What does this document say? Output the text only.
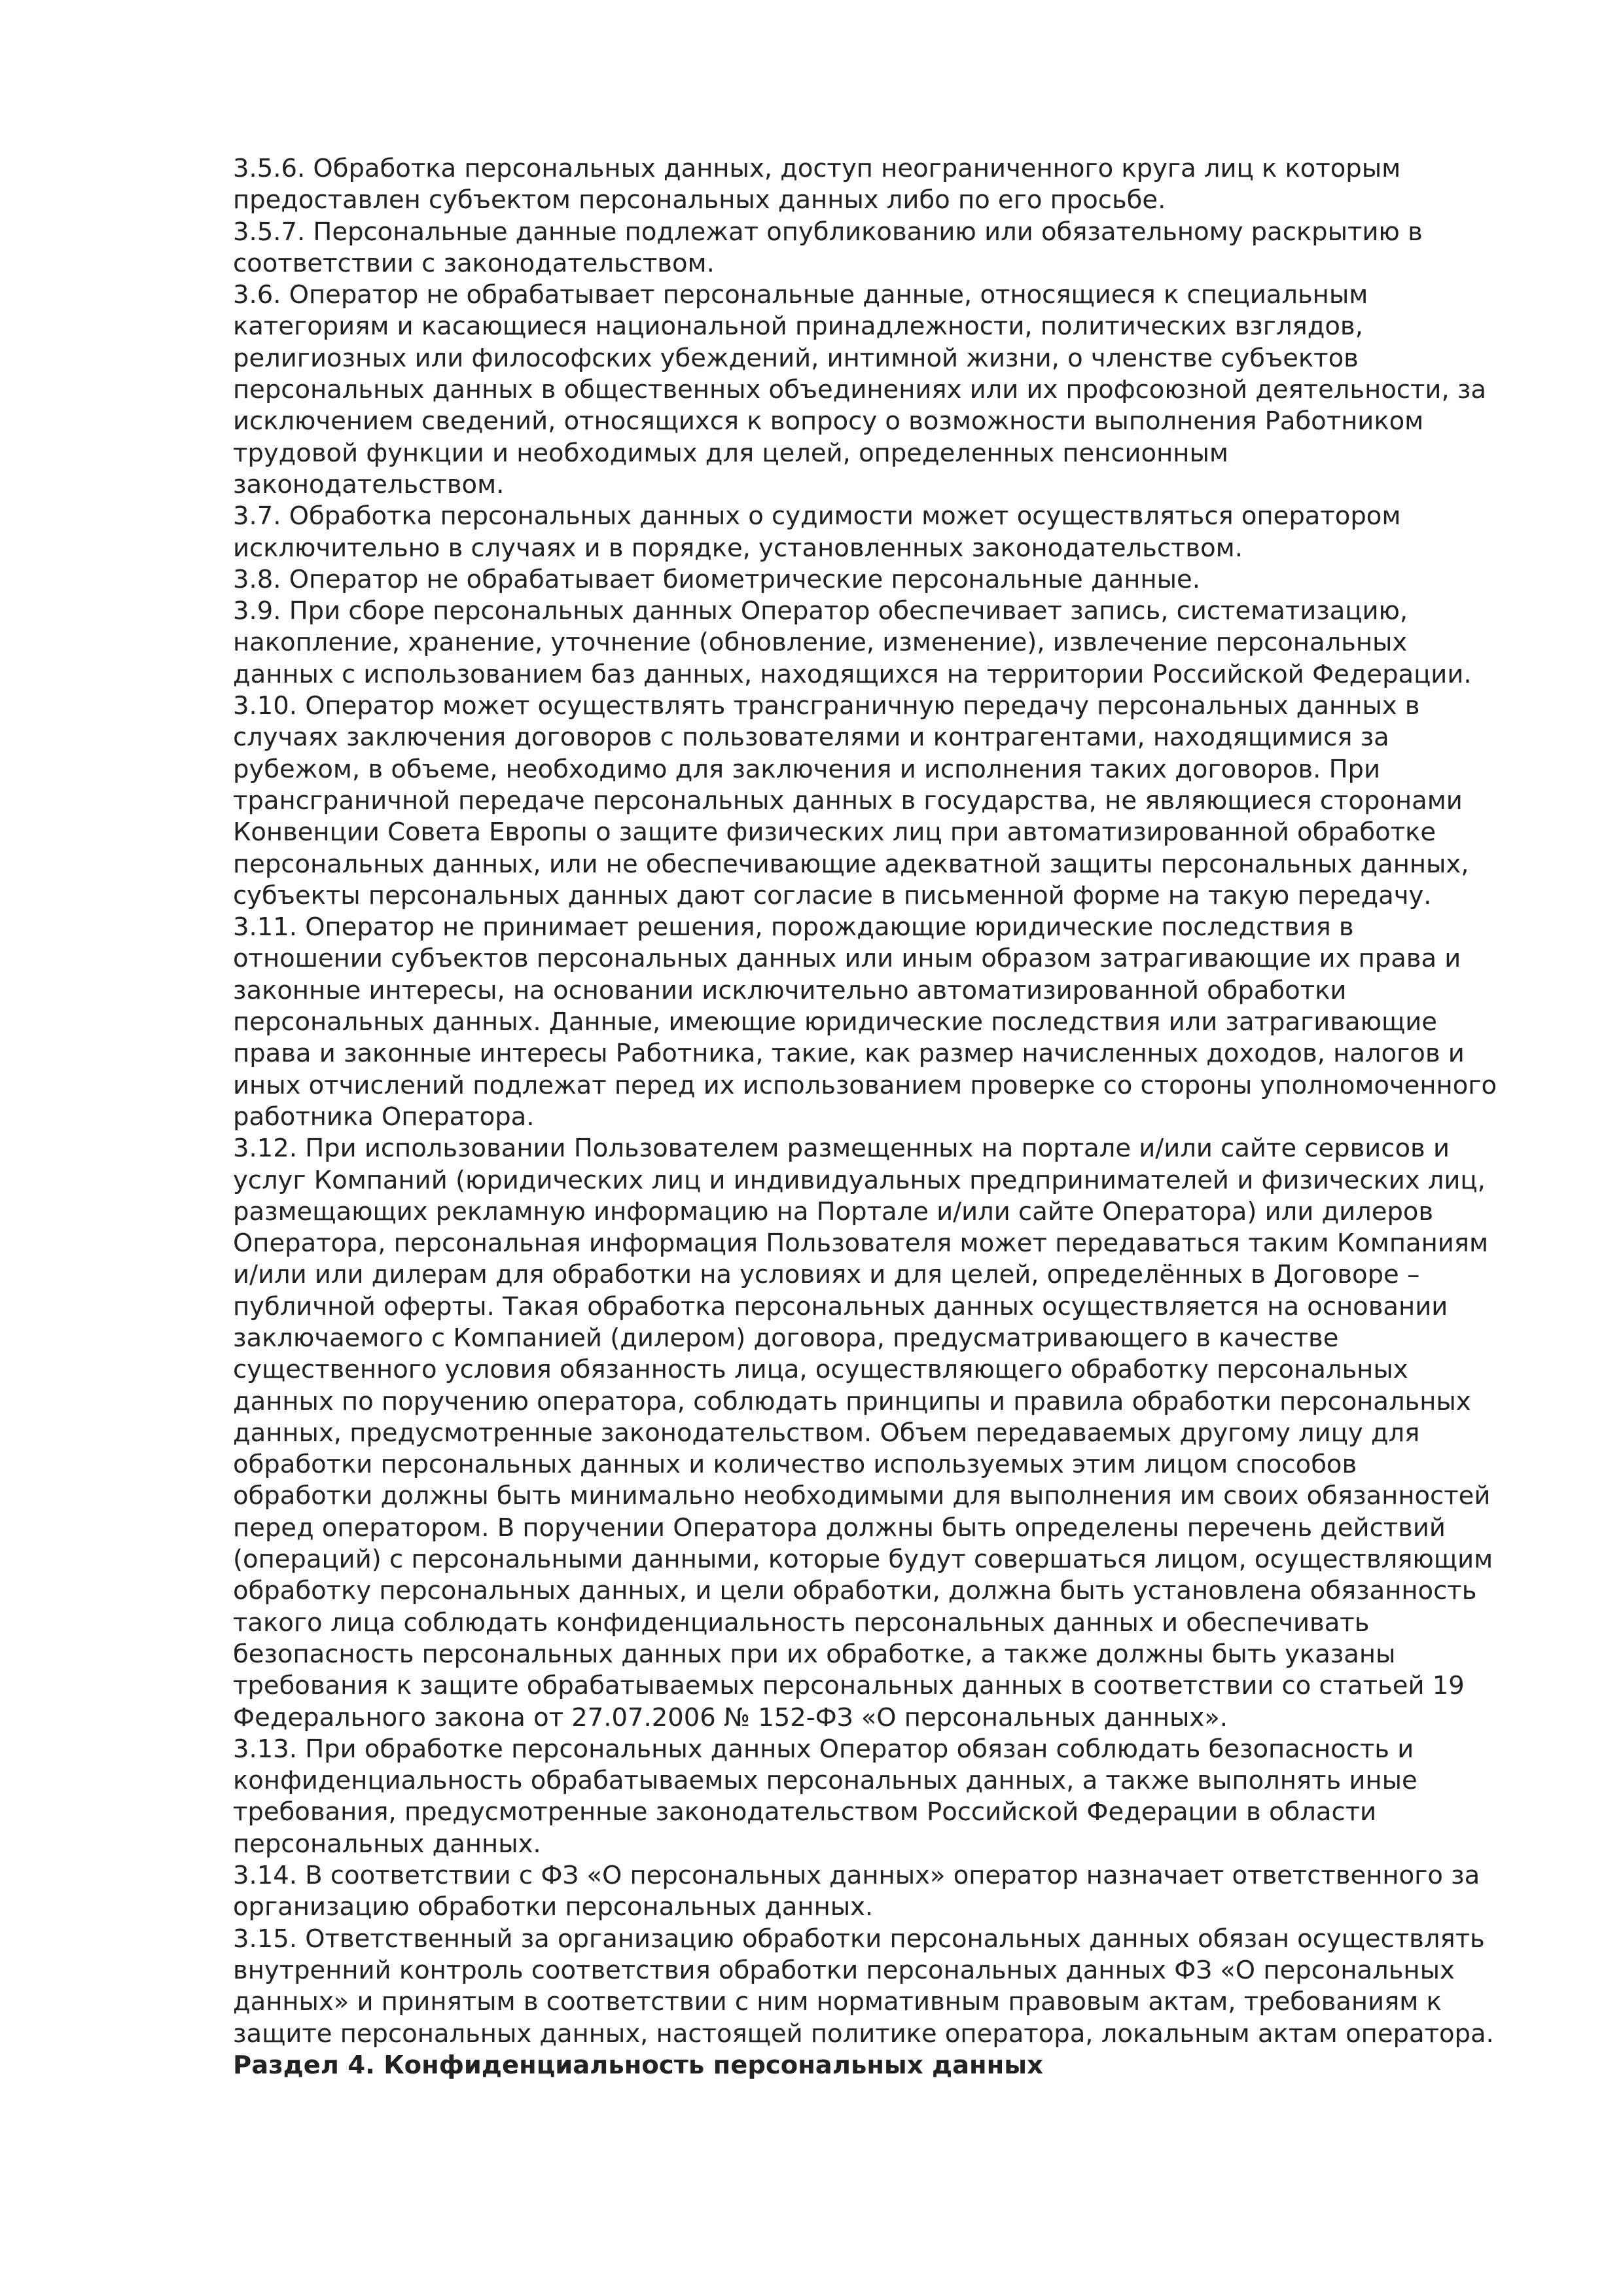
3.5.6. Обработка персональных данных, доступ неограниченного круга лиц к которым
предоставлен субъектом персональных данных либо по его просьбе.
3.5.7. Персональные данные подлежат опубликованию или обязательному раскрытию в
соответствии с законодательством.
3.6. Оператор не обрабатывает персональные данные, относящиеся к специальным
категориям и касающиеся национальной принадлежности, политических взглядов,
религиозных или философских убеждений, интимной жизни, о членстве субъектов
персональных данных в общественных объединениях или их профсоюзной деятельности, за
исключением сведений, относящихся к вопросу о возможности выполнения Работником
трудовой функции и необходимых для целей, определенных пенсионным
законодательством.
3.7. Обработка персональных данных о судимости может осуществляться оператором
исключительно в случаях и в порядке, установленных законодательством.
3.8. Оператор не обрабатывает биометрические персональные данные.
3.9. При сборе персональных данных Оператор обеспечивает запись, систематизацию,
накопление, хранение, уточнение (обновление, изменение), извлечение персональных
данных с использованием баз данных, находящихся на территории Российской Федерации.
3.10. Оператор может осуществлять трансграничную передачу персональных данных в
случаях заключения договоров с пользователями и контрагентами, находящимися за
рубежом, в объеме, необходимо для заключения и исполнения таких договоров. При
трансграничной передаче персональных данных в государства, не являющиеся сторонами
Конвенции Совета Европы о защите физических лиц при автоматизированной обработке
персональных данных, или не обеспечивающие адекватной защиты персональных данных,
субъекты персональных данных дают согласие в письменной форме на такую передачу.
3.11. Оператор не принимает решения, порождающие юридические последствия в
отношении субъектов персональных данных или иным образом затрагивающие их права и
законные интересы, на основании исключительно автоматизированной обработки
персональных данных. Данные, имеющие юридические последствия или затрагивающие
права и законные интересы Работника, такие, как размер начисленных доходов, налогов и
иных отчислений подлежат перед их использованием проверке со стороны уполномоченного
работника Оператора.
3.12. При использовании Пользователем размещенных на портале и/или сайте сервисов и
услуг Компаний (юридических лиц и индивидуальных предпринимателей и физических лиц,
размещающих рекламную информацию на Портале и/или сайте Оператора) или дилеров
Оператора, персональная информация Пользователя может передаваться таким Компаниям
и/или или дилерам для обработки на условиях и для целей, определённых в Договоре –
публичной оферты. Такая обработка персональных данных осуществляется на основании
заключаемого с Компанией (дилером) договора, предусматривающего в качестве
существенного условия обязанность лица, осуществляющего обработку персональных
данных по поручению оператора, соблюдать принципы и правила обработки персональных
данных, предусмотренные законодательством. Объем передаваемых другому лицу для
обработки персональных данных и количество используемых этим лицом способов
обработки должны быть минимально необходимыми для выполнения им своих обязанностей
перед оператором. В поручении Оператора должны быть определены перечень действий
(операций) с персональными данными, которые будут совершаться лицом, осуществляющим
обработку персональных данных, и цели обработки, должна быть установлена обязанность
такого лица соблюдать конфиденциальность персональных данных и обеспечивать
безопасность персональных данных при их обработке, а также должны быть указаны
требования к защите обрабатываемых персональных данных в соответствии со статьей 19
Федерального закона от 27.07.2006 № 152-ФЗ «О персональных данных».
3.13. При обработке персональных данных Оператор обязан соблюдать безопасность и
конфиденциальность обрабатываемых персональных данных, а также выполнять иные
требования, предусмотренные законодательством Российской Федерации в области
персональных данных.
3.14. В соответствии с ФЗ «О персональных данных» оператор назначает ответственного за
организацию обработки персональных данных.
3.15. Ответственный за организацию обработки персональных данных обязан осуществлять
внутренний контроль соответствия обработки персональных данных ФЗ «О персональных
данных» и принятым в соответствии с ним нормативным правовым актам, требованиям к
защите персональных данных, настоящей политике оператора, локальным актам оператора.
Раздел 4. Конфиденциальность персональных данных
